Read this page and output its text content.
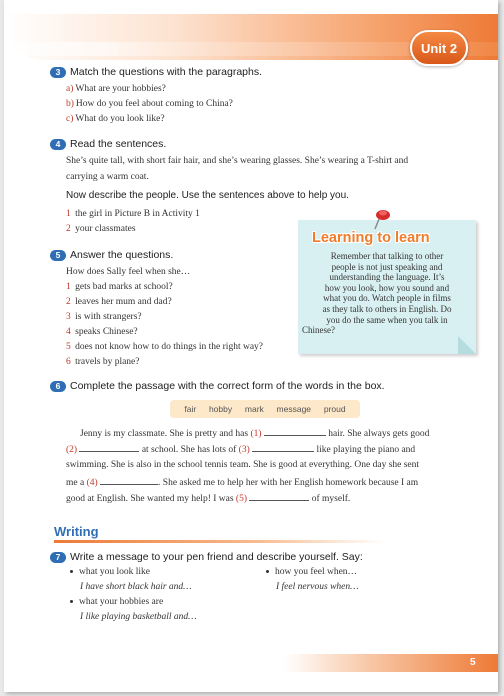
Unit 2
3 Match the questions with the paragraphs.
a) What are your hobbies?
b) How do you feel about coming to China?
c) What do you look like?
4 Read the sentences.
She’s quite tall, with short fair hair, and she’s wearing glasses. She’s wearing a T-shirt and
carrying a warm coat.
Now describe the people. Use the sentences above to help you.
1 the girl in Picture B in Activity 1
2 your classmates
5 Answer the questions.
How does Sally feel when she…
1 gets bad marks at school?
2 leaves her mum and dad?
3 is with strangers?
4 speaks Chinese?
5 does not know how to do things in the right way?
6 travels by plane?
Learning to learn
Remember that talking to other
people is not just speaking and
understanding the language. It’s
how you look, how you sound and
what you do. Watch people in films
as they talk to others in English. Do
you do the same when you talk in
Chinese?
6 Complete the passage with the correct form of the words in the box.
fair hobby mark message proud
Jenny is my classmate. She is pretty and has (1)	hair. She always gets good
(2)	at school. She has lots of (3)	like playing the piano and
swimming. She is also in the school tennis team. She is good at everything. One day she sent
me a (4)	. She asked me to help her with her English homework because I am
good at English. She wanted my help! I was (5)	of myself.
Writing
7 Write a message to your pen friend and describe yourself. Say:
what you look like
I have short black hair and…
what your hobbies are
I like playing basketball and…
how you feel when…
I feel nervous when…
5
